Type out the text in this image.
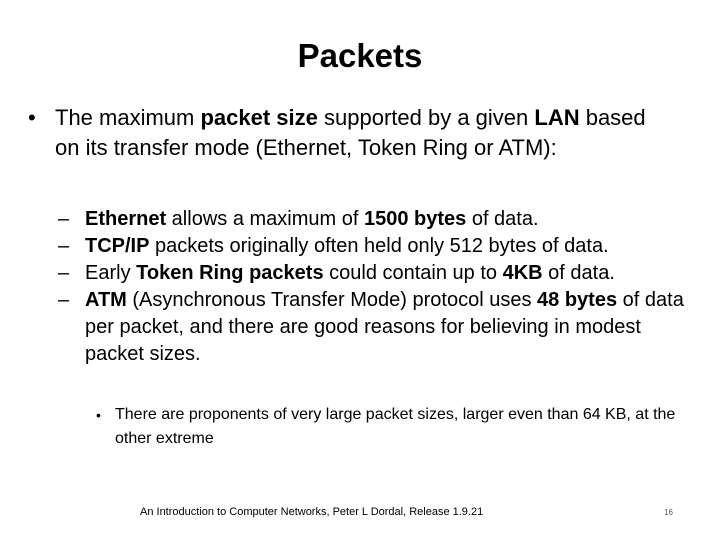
Packets
• The maximum packet size supported by a given LAN based on its transfer mode (Ethernet, Token Ring or ATM):
– Ethernet allows a maximum of 1500 bytes of data.
– TCP/IP packets originally often held only 512 bytes of data.
– Early Token Ring packets could contain up to 4KB of data.
– ATM (Asynchronous Transfer Mode) protocol uses 48 bytes of data per packet, and there are good reasons for believing in modest packet sizes.
• There are proponents of very large packet sizes, larger even than 64 KB, at the other extreme
An Introduction to Computer Networks, Peter L Dordal, Release 1.9.21	16
